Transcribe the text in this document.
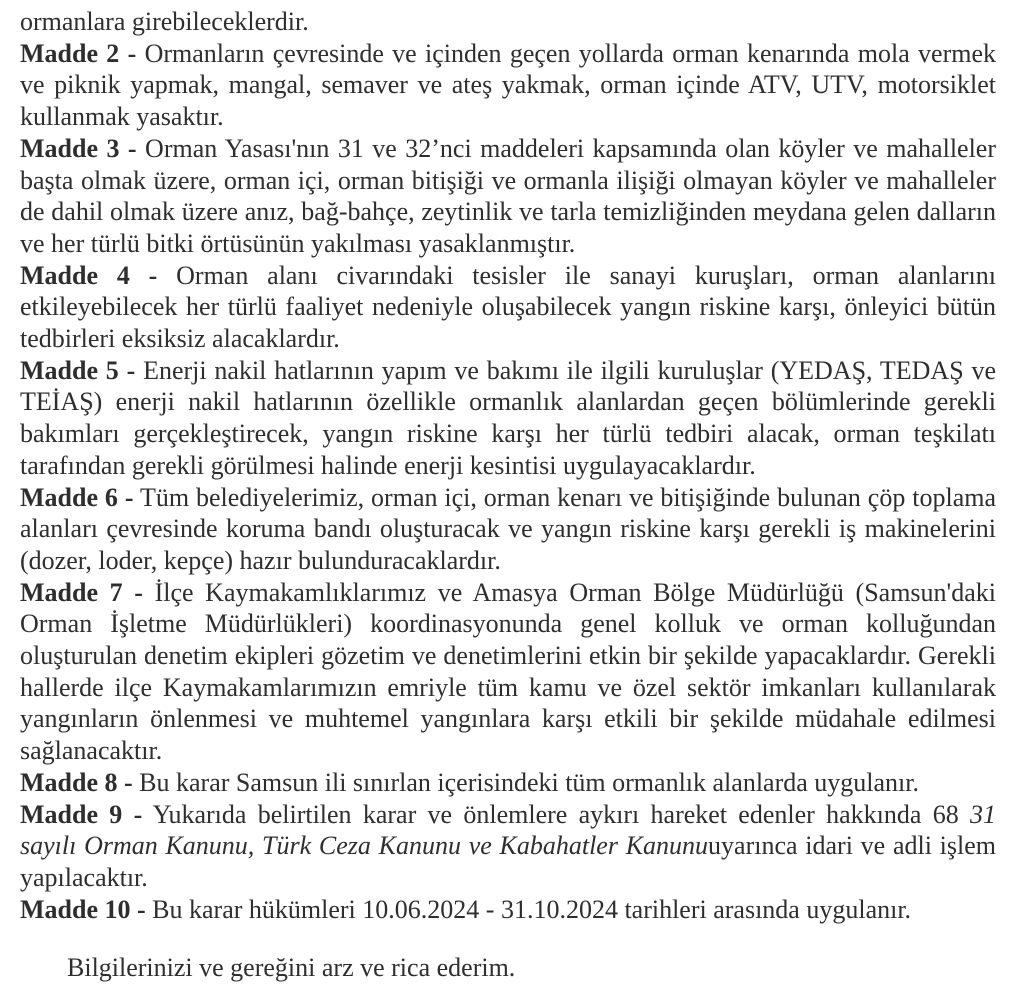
ormanlara girebileceklerdir.

Madde 2 - Ormanların çevresinde ve içinden geçen yollarda orman kenarında mola vermek ve piknik yapmak, mangal, semaver ve ateş yakmak, orman içinde ATV, UTV, motorsiklet kullanmak yasaktır.

Madde 3 - Orman Yasası'nın 31 ve 32’nci maddeleri kapsamında olan köyler ve mahalleler başta olmak üzere, orman içi, orman bitişiği ve ormanla ilişiği olmayan köyler ve mahalleler de dahil olmak üzere anız, bağ-bahçe, zeytinlik ve tarla temizliğinden meydana gelen dalların ve her türlü bitki örtüsünün yakılması yasaklanmıştır.

Madde 4 - Orman alanı civarındaki tesisler ile sanayi kuruşları, orman alanlarını etkileyebilecek her türlü faaliyet nedeniyle oluşabilecek yangın riskine karşı, önleyici bütün tedbirleri eksiksiz alacaklardır.

Madde 5 - Enerji nakil hatlarının yapım ve bakımı ile ilgili kuruluşlar (YEDAŞ, TEDAŞ ve TEİAŞ) enerji nakil hatlarının özellikle ormanlık alanlardan geçen bölümlerinde gerekli bakımları gerçekleştirecek, yangın riskine karşı her türlü tedbiri alacak, orman teşkilatı tarafından gerekli görülmesi halinde enerji kesintisi uygulayacaklardır.

Madde 6 - Tüm belediyelerimiz, orman içi, orman kenarı ve bitişiğinde bulunan çöp toplama alanları çevresinde koruma bandı oluşturacak ve yangın riskine karşı gerekli iş makinelerini (dozer, loder, kepçe) hazır bulunduracaklardır.

Madde 7 - İlçe Kaymakamlıklarımız ve Amasya Orman Bölge Müdürlüğü (Samsun'daki Orman İşletme Müdürlükleri) koordinasyonunda genel kolluk ve orman kolluğundan oluşturulan denetim ekipleri gözetim ve denetimlerini etkin bir şekilde yapacaklardır. Gerekli hallerde ilçe Kaymakamlarımızın emriyle tüm kamu ve özel sektör imkanları kullanılarak yangınların önlenmesi ve muhtemel yangınlara karşı etkili bir şekilde müdahale edilmesi sağlanacaktır.

Madde 8 - Bu karar Samsun ili sınırlan içerisindeki tüm ormanlık alanlarda uygulanır.

Madde 9 - Yukarıda belirtilen karar ve önlemlere aykırı hareket edenler hakkında 68 31 sayılı Orman Kanunu, Türk Ceza Kanunu ve Kabahatler Kanunuuyarınca idari ve adli işlem yapılacaktır.

Madde 10 - Bu karar hükümleri 10.06.2024 - 31.10.2024 tarihleri arasında uygulanır.

Bilgilerinizi ve gereğini arz ve rica ederim.
